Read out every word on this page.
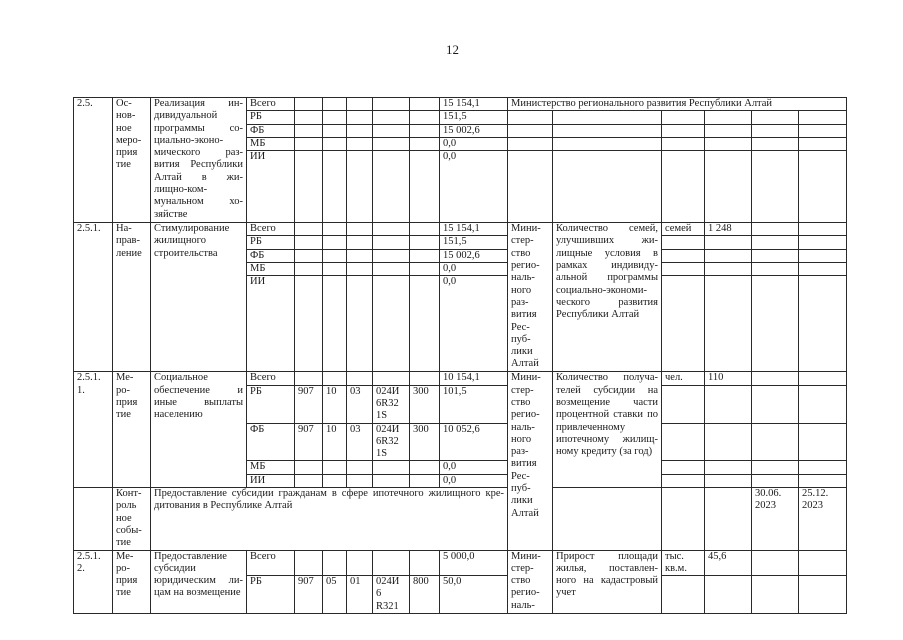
12
2.5.	Ос- нов- ное меро- прия тие	Реализация ин- дивидуальной программы со- циально-эконо- мического раз- вития Республики Алтай в жи- лищно-ком- мунальном хо- зяйстве	Всего						15 154,1	Министерство регионального развития Республики Алтай					
			РБ						151,5						
			ФБ						15 002,6						
			МБ						0,0						
			ИИ						0,0						
2.5.1.	На- прав- ление	Стимулирование жилищного строительства	Всего						15 154,1	Мини- стер- ство регио- наль- ного раз- вития Рес- пуб- лики Алтай	Количество семей, улучшивших жи- лищные условия в рамках индивиду- альной программы социально-экономи- ческого развития Республики Алтай	семей	1 248		
			РБ						151,5						
			ФБ						15 002,6						
			МБ						0,0						
			ИИ						0,0						
2.5.1. 1.	Ме- ро- прия тие	Социальное обеспечение и иные выплаты населению	Всего						10 154,1	Мини- стер- ство регио- наль- ного раз- вития Рес- пуб- лики Алтай	Количество получа- телей субсидии на возмещение части процентной ставки по привлеченному ипотечному жилищ- ному кредиту (за год)	чел.	110		
			РБ	907	10	03	024И 6R32 1S	300	101,5						
			ФБ	907	10	03	024И 6R32 1S	300	10 052,6						
			МБ						0,0						
			ИИ						0,0						
	Конт- роль ное собы- тие	Предоставление субсидии гражданам в сфере ипотечного жилищного кре- дитования в Республике Алтай												30.06. 2023	25.12. 2023
2.5.1. 2.	Ме- ро- прия тие	Предоставление субсидии юридическим ли- цам на возмещение	Всего						5 000,0	Мини- стер- ство регио- наль-	Прирост площади жилья, поставлен- ного на кадастровый учет	тыс. кв.м.	45,6		
			РБ	907	05	01	024И 6 R321	800	50,0						
